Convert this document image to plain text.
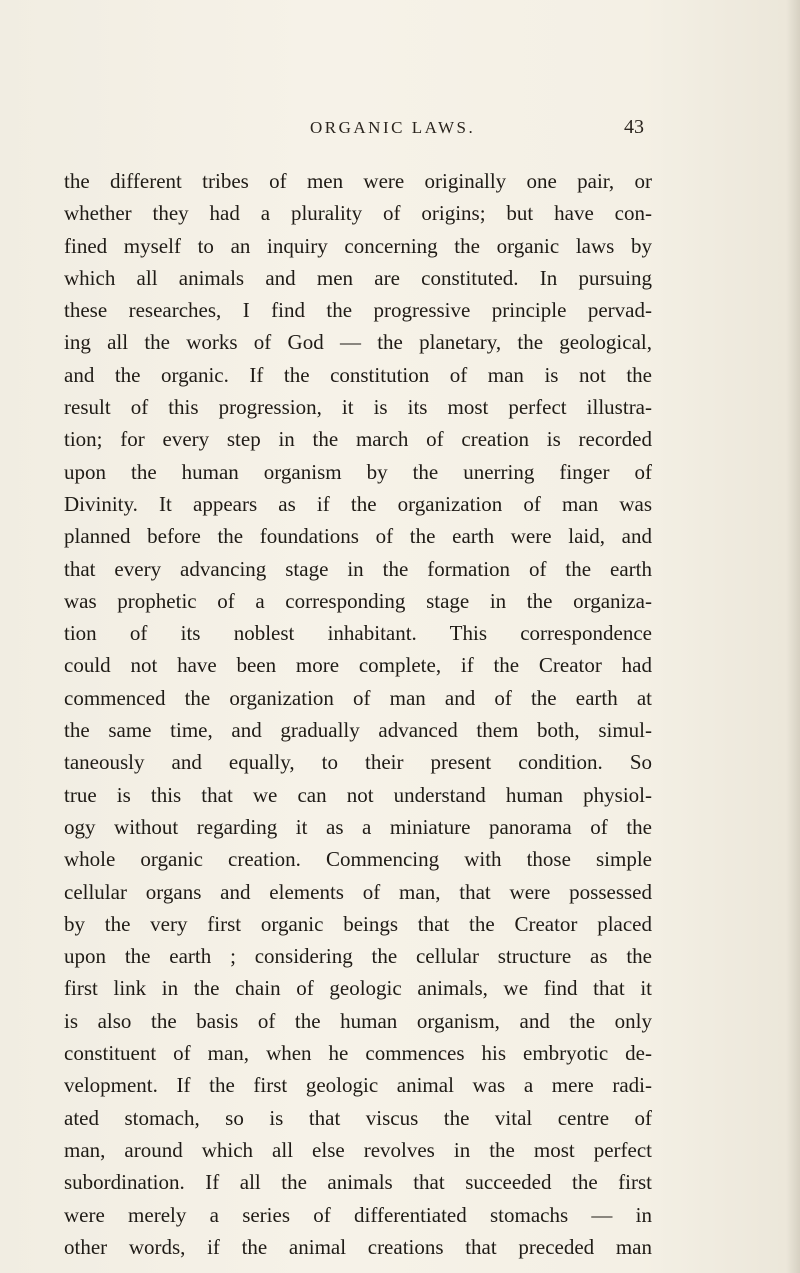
ORGANIC LAWS.	43
the different tribes of men were originally one pair, or
whether they had a plurality of origins; but have con-
fined myself to an inquiry concerning the organic laws by
which all animals and men are constituted. In pursuing
these researches, I find the progressive principle pervad-
ing all the works of God — the planetary, the geological,
and the organic. If the constitution of man is not the
result of this progression, it is its most perfect illustra-
tion; for every step in the march of creation is recorded
upon the human organism by the unerring finger of
Divinity. It appears as if the organization of man was
planned before the foundations of the earth were laid, and
that every advancing stage in the formation of the earth
was prophetic of a corresponding stage in the organiza-
tion of its noblest inhabitant. This correspondence
could not have been more complete, if the Creator had
commenced the organization of man and of the earth at
the same time, and gradually advanced them both, simul-
taneously and equally, to their present condition. So
true is this that we can not understand human physiol-
ogy without regarding it as a miniature panorama of the
whole organic creation. Commencing with those simple
cellular organs and elements of man, that were possessed
by the very first organic beings that the Creator placed
upon the earth ; considering the cellular structure as the
first link in the chain of geologic animals, we find that it
is also the basis of the human organism, and the only
constituent of man, when he commences his embryotic de-
velopment. If the first geologic animal was a mere radi-
ated stomach, so is that viscus the vital centre of
man, around which all else revolves in the most perfect
subordination. If all the animals that succeeded the first
were merely a series of differentiated stomachs — in
other words, if the animal creations that preceded man
